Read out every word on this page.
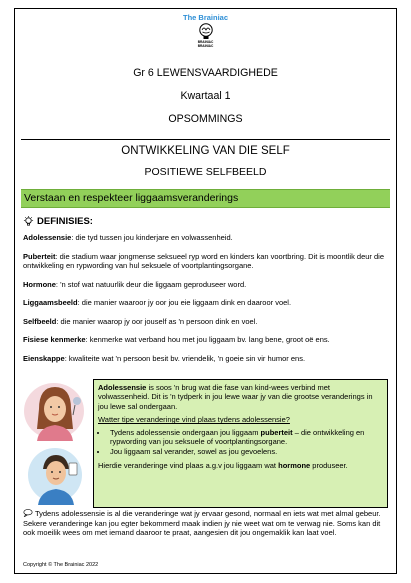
The Brainiac
BRAINIAC
BRAINIAC
Gr 6 LEWENSVAARDIGHEDE
Kwartaal 1
OPSOMMINGS
ONTWIKKELING VAN DIE SELF
POSITIEWE SELFBEELD
Verstaan en respekteer liggaamsveranderings
DEFINISIES:
Adolessensie: die tyd tussen jou kinderjare en volwassenheid.
Puberteit: die stadium waar jongmense seksueel ryp word en kinders kan voortbring. Dit is moontlik deur die ontwikkeling en rypwording van hul seksuele of voortplantingsorgane.
Hormone: 'n stof wat natuurlik deur die liggaam geproduseer word.
Liggaamsbeeld: die manier waaroor jy oor jou eie liggaam dink en daaroor voel.
Selfbeeld: die manier waarop jy oor jouself as 'n persoon dink en voel.
Fisiese kenmerke: kenmerke wat verband hou met jou liggaam bv. lang bene, groot oë ens.
Eienskappe: kwaliteite wat 'n persoon besit bv. vriendelik, 'n goeie sin vir humor ens.

Adolessensie is soos 'n brug wat die fase van kind-wees verbind met volwassenheid. Dit is 'n tydperk in jou lewe waar jy van die grootse veranderings in jou lewe sal ondergaan.

Watter tipe veranderinge vind plaas tydens adolessensie?

• Tydens adolessensie ondergaan jou liggaam puberteit – die ontwikkeling en rypwording van jou seksuele of voortplantingsorgane.
• Jou liggaam sal verander, sowel as jou gevoelens.

Hierdie veranderinge vind plaas a.g.v jou liggaam wat hormone produseer.

Tydens adolessensie is al die veranderinge wat jy ervaar gesond, normaal en iets wat met almal gebeur. Sekere veranderinge kan jou egter bekommerd maak indien jy nie weet wat om te verwag nie. Soms kan dit ook moeilik wees om met iemand daaroor te praat, aangesien dit jou ongemaklik kan laat voel.
Copyright © The Brainiac 2022
